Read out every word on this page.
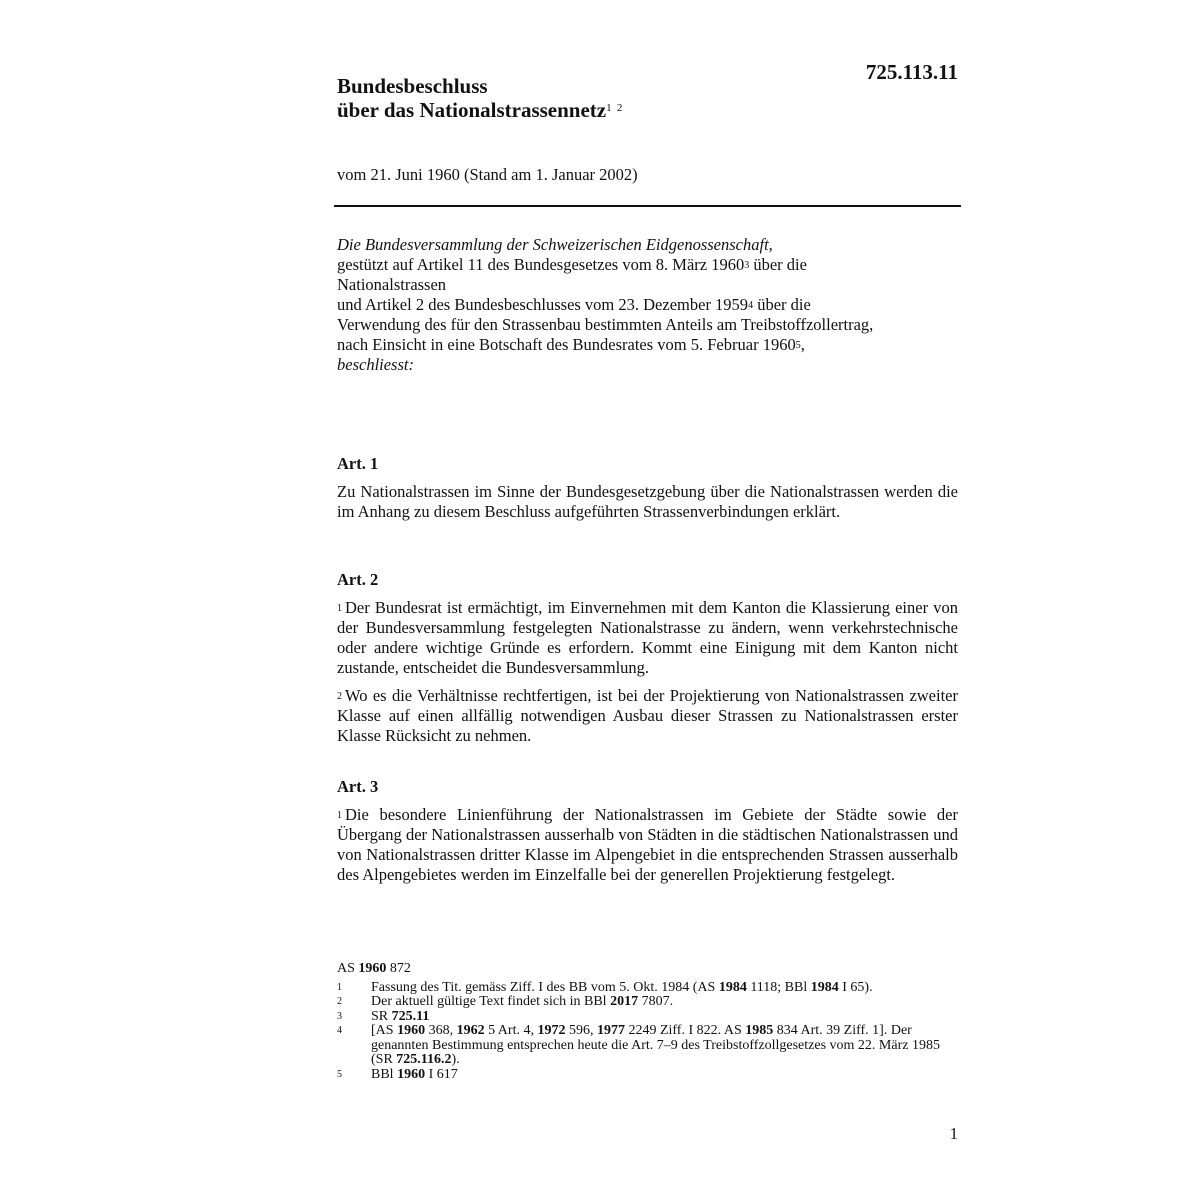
725.113.11
Bundesbeschluss
über das Nationalstrassennetz$^1$ $^2$
vom 21. Juni 1960 (Stand am 1. Januar 2002)
Die Bundesversammlung der Schweizerischen Eidgenossenschaft,
gestützt auf Artikel 11 des Bundesgesetzes vom 8. März 1960$^3$ über die
Nationalstrassen
und Artikel 2 des Bundesbeschlusses vom 23. Dezember 1959$^4$ über die
Verwendung des für den Strassenbau bestimmten Anteils am Treibstoffzollertrag,
nach Einsicht in eine Botschaft des Bundesrates vom 5. Februar 1960$^5$,
beschliesst:
Art. 1

Zu Nationalstrassen im Sinne der Bundesgesetzgebung über die Nationalstrassen werden die im Anhang zu diesem Beschluss aufgeführten Strassenverbindungen erklärt.

Art. 2

$^1$ Der Bundesrat ist ermächtigt, im Einvernehmen mit dem Kanton die Klassierung einer von der Bundesversammlung festgelegten Nationalstrasse zu ändern, wenn verkehrstechnische oder andere wichtige Gründe es erfordern. Kommt eine Einigung mit dem Kanton nicht zustande, entscheidet die Bundesversammlung.

$^2$ Wo es die Verhältnisse rechtfertigen, ist bei der Projektierung von Nationalstrassen zweiter Klasse auf einen allfällig notwendigen Ausbau dieser Strassen zu Nationalstrassen erster Klasse Rücksicht zu nehmen.

Art. 3

$^1$ Die besondere Linienführung der Nationalstrassen im Gebiete der Städte sowie der Übergang der Nationalstrassen ausserhalb von Städten in die städtischen Nationalstrassen und von Nationalstrassen dritter Klasse im Alpengebiet in die entsprechenden Strassen ausserhalb des Alpengebietes werden im Einzelfalle bei der generellen Projektierung festgelegt.

AS 1960 872
1	Fassung des Tit. gemäss Ziff. I des BB vom 5. Okt. 1984 (AS 1984 1118; BBl 1984 I 65).
2	Der aktuell gültige Text findet sich in BBl 2017 7807.
3	SR 725.11
4	[AS 1960 368, 1962 5 Art. 4, 1972 596, 1977 2249 Ziff. I 822. AS 1985 834 Art. 39 Ziff. 1]. Der genannten Bestimmung entsprechen heute die Art. 7–9 des Treibstoffzollgesetzes vom 22. März 1985 (SR 725.116.2).
5	BBl 1960 I 617
1
